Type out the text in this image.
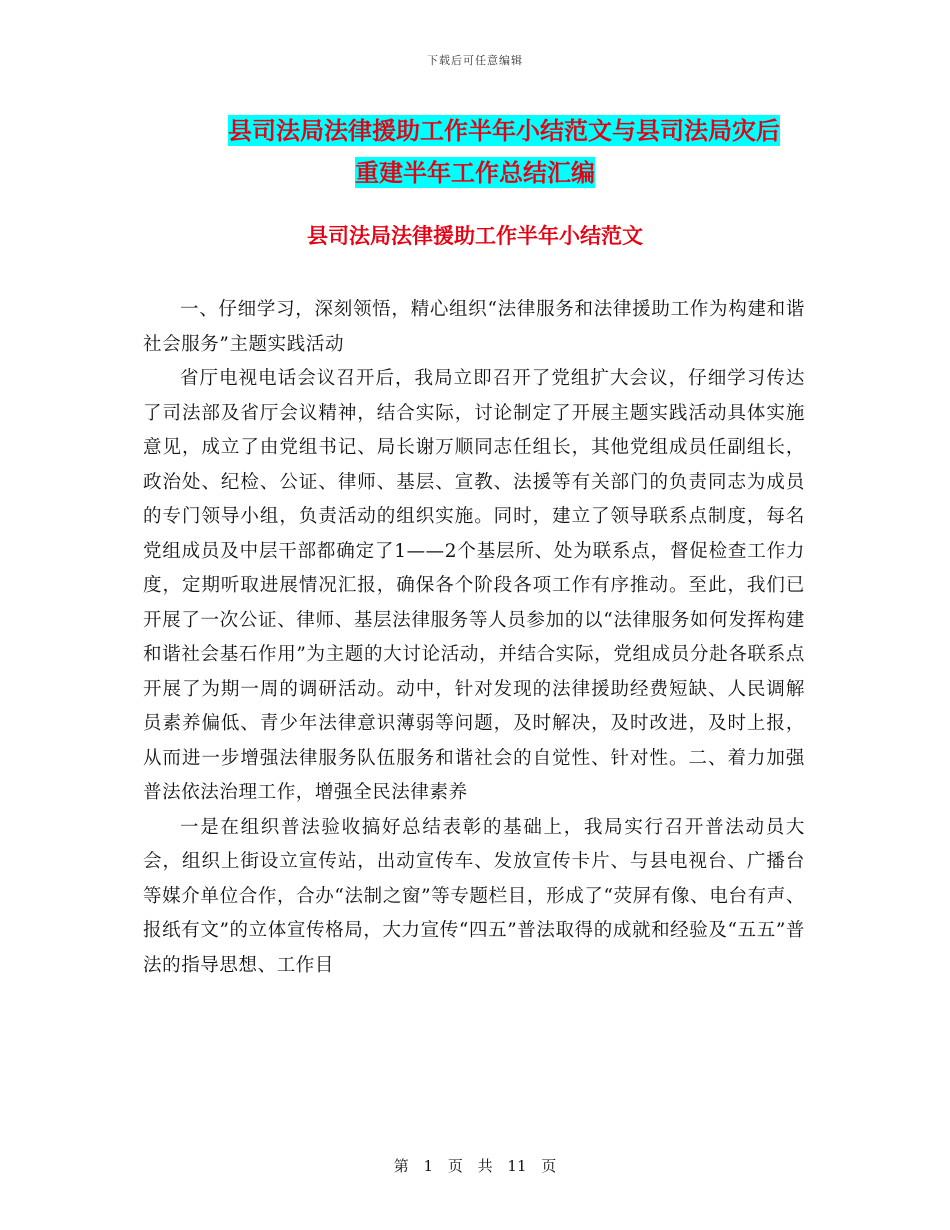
下载后可任意编辑
县司法局法律援助工作半年小结范文与县司法局灾后
重建半年工作总结汇编
县司法局法律援助工作半年小结范文

一、仔细学习，深刻领悟，精心组织“法律服务和法律援助工作为构建和谐社会服务”主题实践活动

省厅电视电话会议召开后，我局立即召开了党组扩大会议，仔细学习传达了司法部及省厅会议精神，结合实际，讨论制定了开展主题实践活动具体实施意见，成立了由党组书记、局长谢万顺同志任组长，其他党组成员任副组长，政治处、纪检、公证、律师、基层、宣教、法援等有关部门的负责同志为成员的专门领导小组，负责活动的组织实施。同时，建立了领导联系点制度，每名党组成员及中层干部都确定了1——2个基层所、处为联系点，督促检查工作力度，定期听取进展情况汇报，确保各个阶段各项工作有序推动。至此，我们已开展了一次公证、律师、基层法律服务等人员参加的以“法律服务如何发挥构建和谐社会基石作用”为主题的大讨论活动，并结合实际，党组成员分赴各联系点开展了为期一周的调研活动。动中，针对发现的法律援助经费短缺、人民调解员素养偏低、青少年法律意识薄弱等问题，及时解决，及时改进，及时上报，从而进一步增强法律服务队伍服务和谐社会的自觉性、针对性。二、着力加强普法依法治理工作，增强全民法律素养

一是在组织普法验收搞好总结表彰的基础上，我局实行召开普法动员大会，组织上街设立宣传站，出动宣传车、发放宣传卡片、与县电视台、广播台等媒介单位合作，合办“法制之窗”等专题栏目，形成了“荧屏有像、电台有声、报纸有文”的立体宣传格局，大力宣传“四五”普法取得的成就和经验及“五五”普法的指导思想、工作目

第 1 页 共 11 页
